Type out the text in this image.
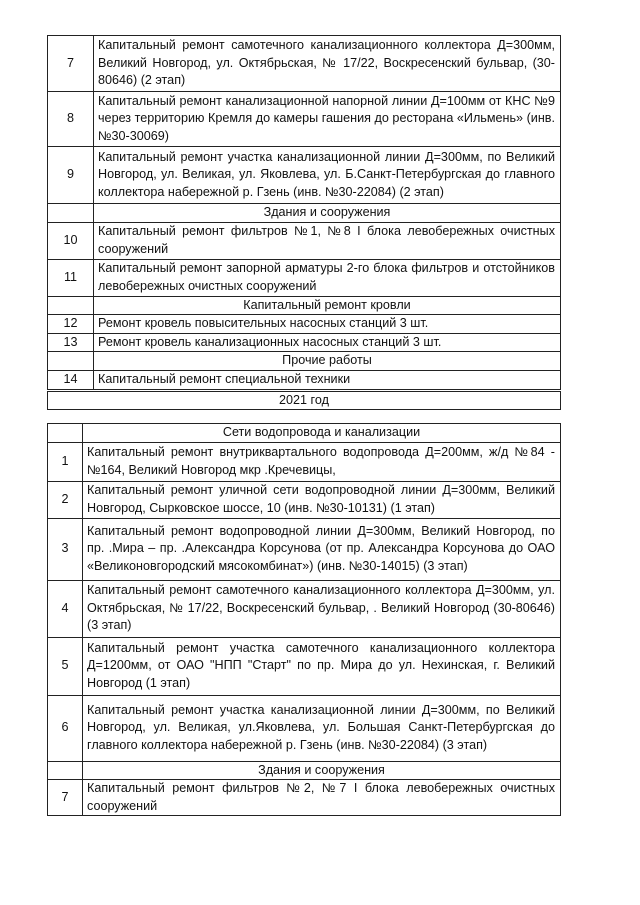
7	Капитальный ремонт самотечного канализационного коллектора Д=300мм, Великий Новгород, ул. Октябрьская, № 17/22, Воскресенский бульвар, (30-80646) (2 этап)
8	Капитальный ремонт канализационной напорной линии Д=100мм от КНС №9 через территорию Кремля до камеры гашения до ресторана «Ильмень» (инв. №30-30069)
9	Капитальный ремонт участка канализационной линии Д=300мм, по Великий Новгород, ул. Великая, ул. Яковлева, ул. Б.Санкт-Петербургская до главного коллектора набережной р. Гзень (инв. №30-22084) (2 этап)
	Здания и сооружения
10	Капитальный ремонт фильтров №1, №8 I блока левобережных очистных сооружений
11	Капитальный ремонт запорной арматуры 2-го блока фильтров и отстойников левобережных очистных сооружений
	Капитальный ремонт кровли
12	Ремонт кровель повысительных насосных станций 3 шт.
13	Ремонт кровель канализационных насосных станций 3 шт.
	Прочие работы
14	Капитальный ремонт специальной техники
2021 год	
	Сети водопровода и канализации
1	Капитальный ремонт внутриквартального водопровода Д=200мм, ж/д №84 - №164, Великий Новгород мкр .Кречевицы,
2	Капитальный ремонт уличной сети водопроводной линии Д=300мм, Великий Новгород, Сырковское шоссе, 10 (инв. №30-10131) (1 этап)
3	Капитальный ремонт водопроводной линии Д=300мм, Великий Новгород, по пр. .Мира – пр. .Александра Корсунова (от пр. Александра Корсунова до ОАО «Великоновгородский мясокомбинат») (инв. №30-14015) (3 этап)
4	Капитальный ремонт самотечного канализационного коллектора Д=300мм, ул. Октябрьская, № 17/22, Воскресенский бульвар, . Великий Новгород (30-80646) (3 этап)
5	Капитальный ремонт участка самотечного канализационного коллектора Д=1200мм, от ОАО "НПП "Старт" по пр. Мира до ул. Нехинская, г. Великий Новгород (1 этап)
6	Капитальный ремонт участка канализационной линии Д=300мм, по Великий Новгород, ул. Великая, ул.Яковлева, ул. Большая Санкт-Петербургская до главного коллектора набережной р. Гзень (инв. №30-22084) (3 этап)
	Здания и сооружения
7	Капитальный ремонт фильтров №2, №7 I блока левобережных очистных сооружений
